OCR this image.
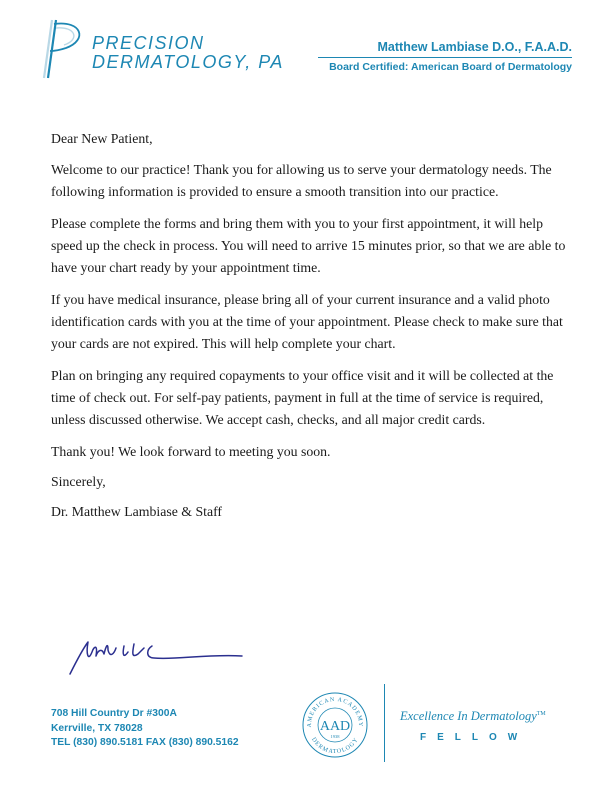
PRECISION
DERMATOLOGY, PA
Matthew Lambiase D.O., F.A.A.D.
Board Certified: American Board of Dermatology

Dear New Patient,

Welcome to our practice! Thank you for allowing us to serve your dermatology needs. The following information is provided to ensure a smooth transition into our practice.

Please complete the forms and bring them with you to your first appointment, it will help speed up the check in process. You will need to arrive 15 minutes prior, so that we are able to have your chart ready by your appointment time.

If you have medical insurance, please bring all of your current insurance and a valid photo identification cards with you at the time of your appointment. Please check to make sure that your cards are not expired. This will help complete your chart.

Plan on bringing any required copayments to your office visit and it will be collected at the time of check out. For self-pay patients, payment in full at the time of service is required, unless discussed otherwise. We accept cash, checks, and all major credit cards.

Thank you! We look forward to meeting you soon.

Sincerely,

Dr. Matthew Lambiase & Staff

708 Hill Country Dr #300A
Kerrville, TX 78028
TEL (830) 890.5181 FAX (830) 890.5162
AMERICAN ACADEMY
DERMATOLOGY
AAD
1938
Excellence In Dermatology™
FELLOW
